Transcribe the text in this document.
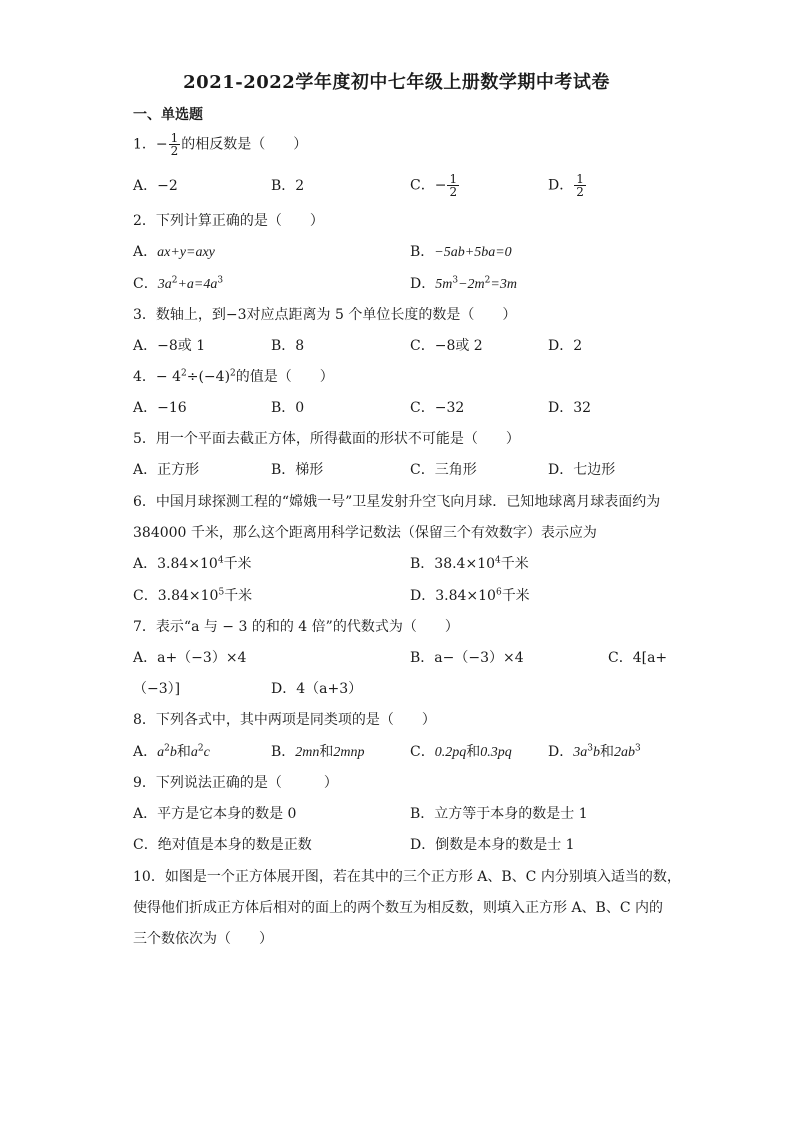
2021-2022学年度初中七年级上册数学期中考试卷
一、单选题
1．− $\frac{1}{2}$ 的相反数是（　　）
A．−2	B．2	C．− $\frac{1}{2}$	D． $\frac{1}{2}$
2．下列计算正确的是（　　）
A．ax+y=axy	B．−5ab+5ba=0
C．$3a^2+a=4a^3$	D．$5m^3-2m^2=3m$
3．数轴上，到−3对应点距离为 5 个单位长度的数是（　　）
A．−8或 1	B．8	C．−8或 2	D．2
4．− $4^2\div(-4)^2$的值是（　　）
A．−16	B．0	C．−32	D．32
5．用一个平面去截正方体，所得截面的形状不可能是（　　）
A．正方形	B．梯形	C．三角形	D．七边形
6．中国月球探测工程的“嫦娥一号”卫星发射升空飞向月球．已知地球离月球表面约为
384000 千米，那么这个距离用科学记数法（保留三个有效数字）表示应为
A．$3.84\times 10^4$千米	B．$38.4\times 10^4$千米
C．$3.84\times 10^5$千米	D．$3.84\times 10^6$千米
7．表示“a 与 − 3 的和的 4 倍”的代数式为（　　）
A．a+（−3）×4	B．a−（−3）×4	C．4[a+
（−3）]	D．4（a+3）
8．下列各式中，其中两项是同类项的是（　　）
A．$a^2b$和$a^2c$	B．2mn和2mnp	C．0.2pq和0.3pq	D．$3a^3b$和$2ab^3$
9．下列说法正确的是（　　　）
A．平方是它本身的数是 0	B．立方等于本身的数是士 1
C．绝对值是本身的数是正数	D．倒数是本身的数是士 1
10．如图是一个正方体展开图，若在其中的三个正方形 A、B、C 内分别填入适当的数，
使得他们折成正方体后相对的面上的两个数互为相反数，则填入正方形 A、B、C 内的
三个数依次为（　　）
